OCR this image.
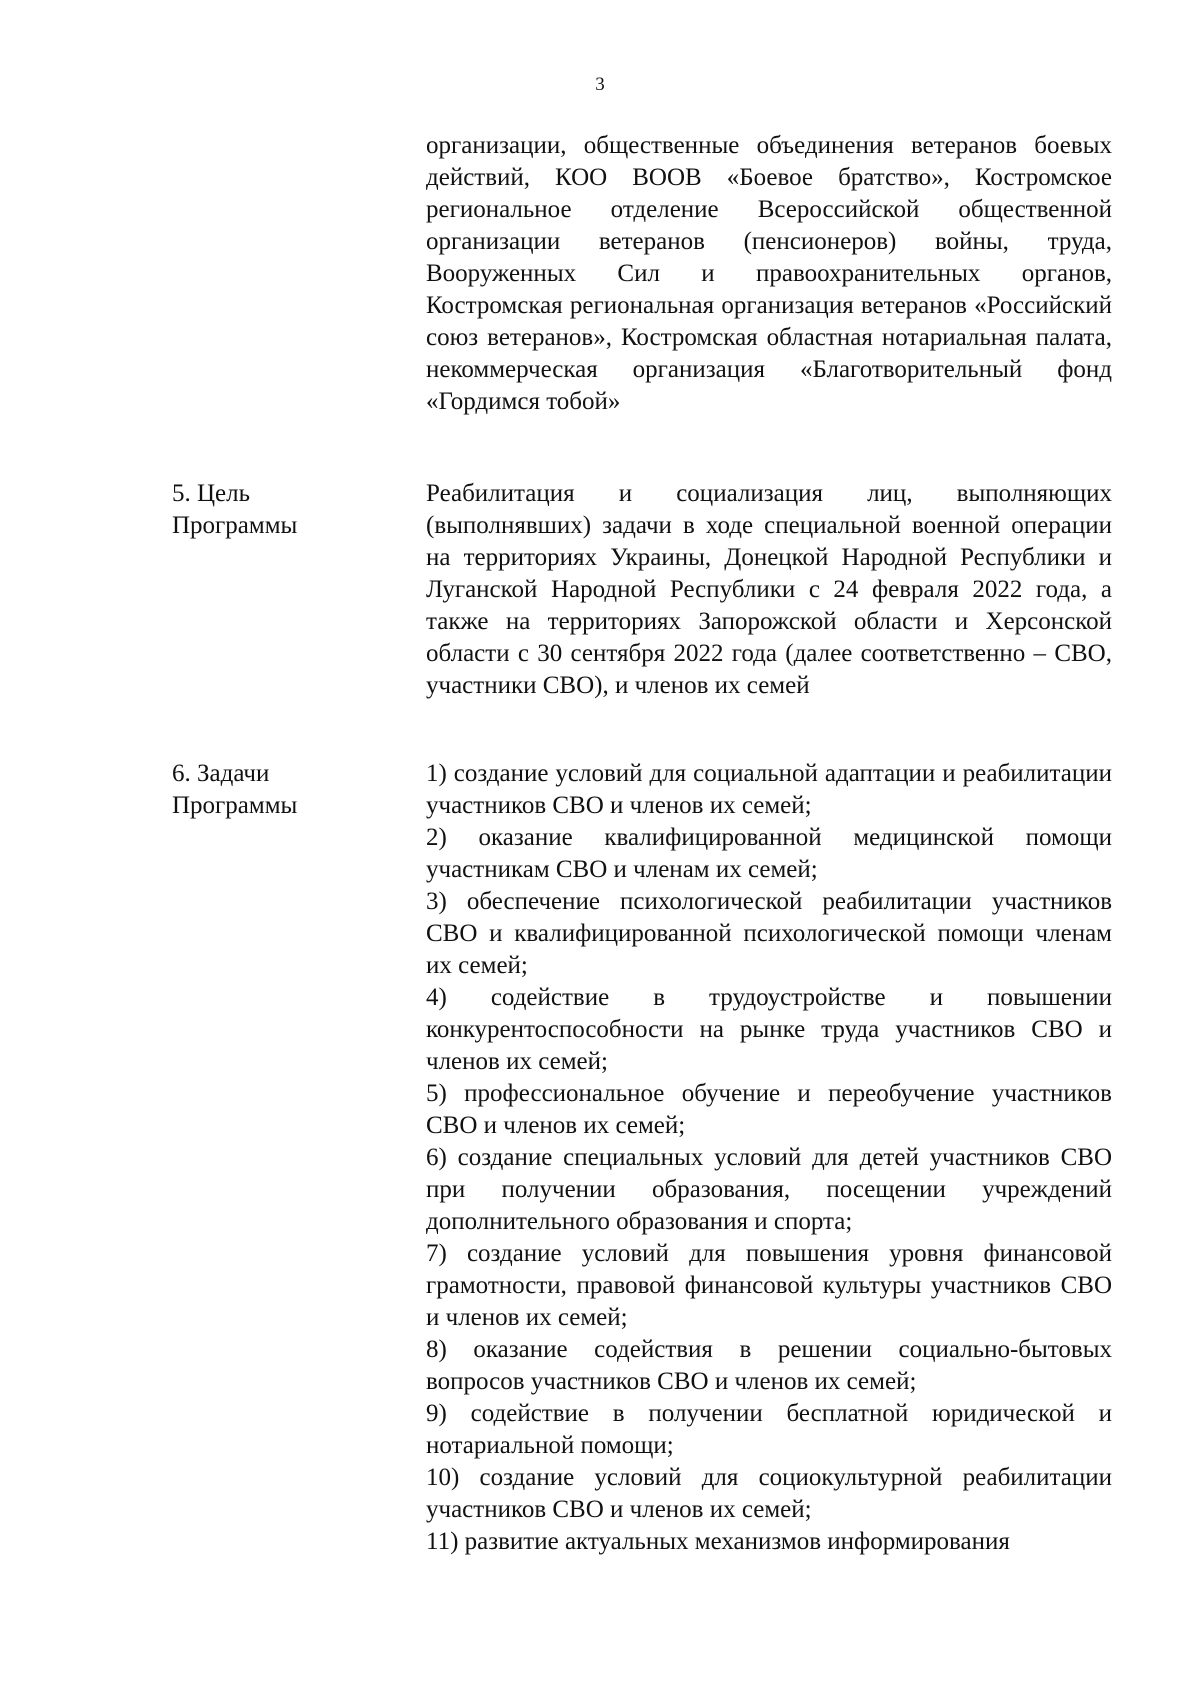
3
организации, общественные объединения ветеранов боевых действий, КОО ВООВ «Боевое братство», Костромское региональное отделение Всероссийской общественной организации ветеранов (пенсионеров) войны, труда, Вооруженных Сил и правоохранительных органов, Костромская региональная организация ветеранов «Российский союз ветеранов», Костромская областная нотариальная палата, некоммерческая организация «Благотворительный фонд «Гордимся тобой»
5. Цель
Программы
Реабилитация и социализация лиц, выполняющих (выполнявших) задачи в ходе специальной военной операции на территориях Украины, Донецкой Народной Республики и Луганской Народной Республики с 24 февраля 2022 года, а также на территориях Запорожской области и Херсонской области с 30 сентября 2022 года (далее соответственно – СВО, участники СВО), и членов их семей
6. Задачи
Программы

1) создание условий для социальной адаптации и реабилитации участников СВО и членов их семей;

2) оказание квалифицированной медицинской помощи участникам СВО и членам их семей;

3) обеспечение психологической реабилитации участников СВО и квалифицированной психологической помощи членам их семей;

4) содействие в трудоустройстве и повышении конкурентоспособности на рынке труда участников СВО и членов их семей;

5) профессиональное обучение и переобучение участников СВО и членов их семей;

6) создание специальных условий для детей участников СВО при получении образования, посещении учреждений дополнительного образования и спорта;

7) создание условий для повышения уровня финансовой грамотности, правовой финансовой культуры участников СВО и членов их семей;

8) оказание содействия в решении социально-бытовых вопросов участников СВО и членов их семей;

9) содействие в получении бесплатной юридической и нотариальной помощи;

10) создание условий для социокультурной реабилитации участников СВО и членов их семей;

11) развитие актуальных механизмов информирования
